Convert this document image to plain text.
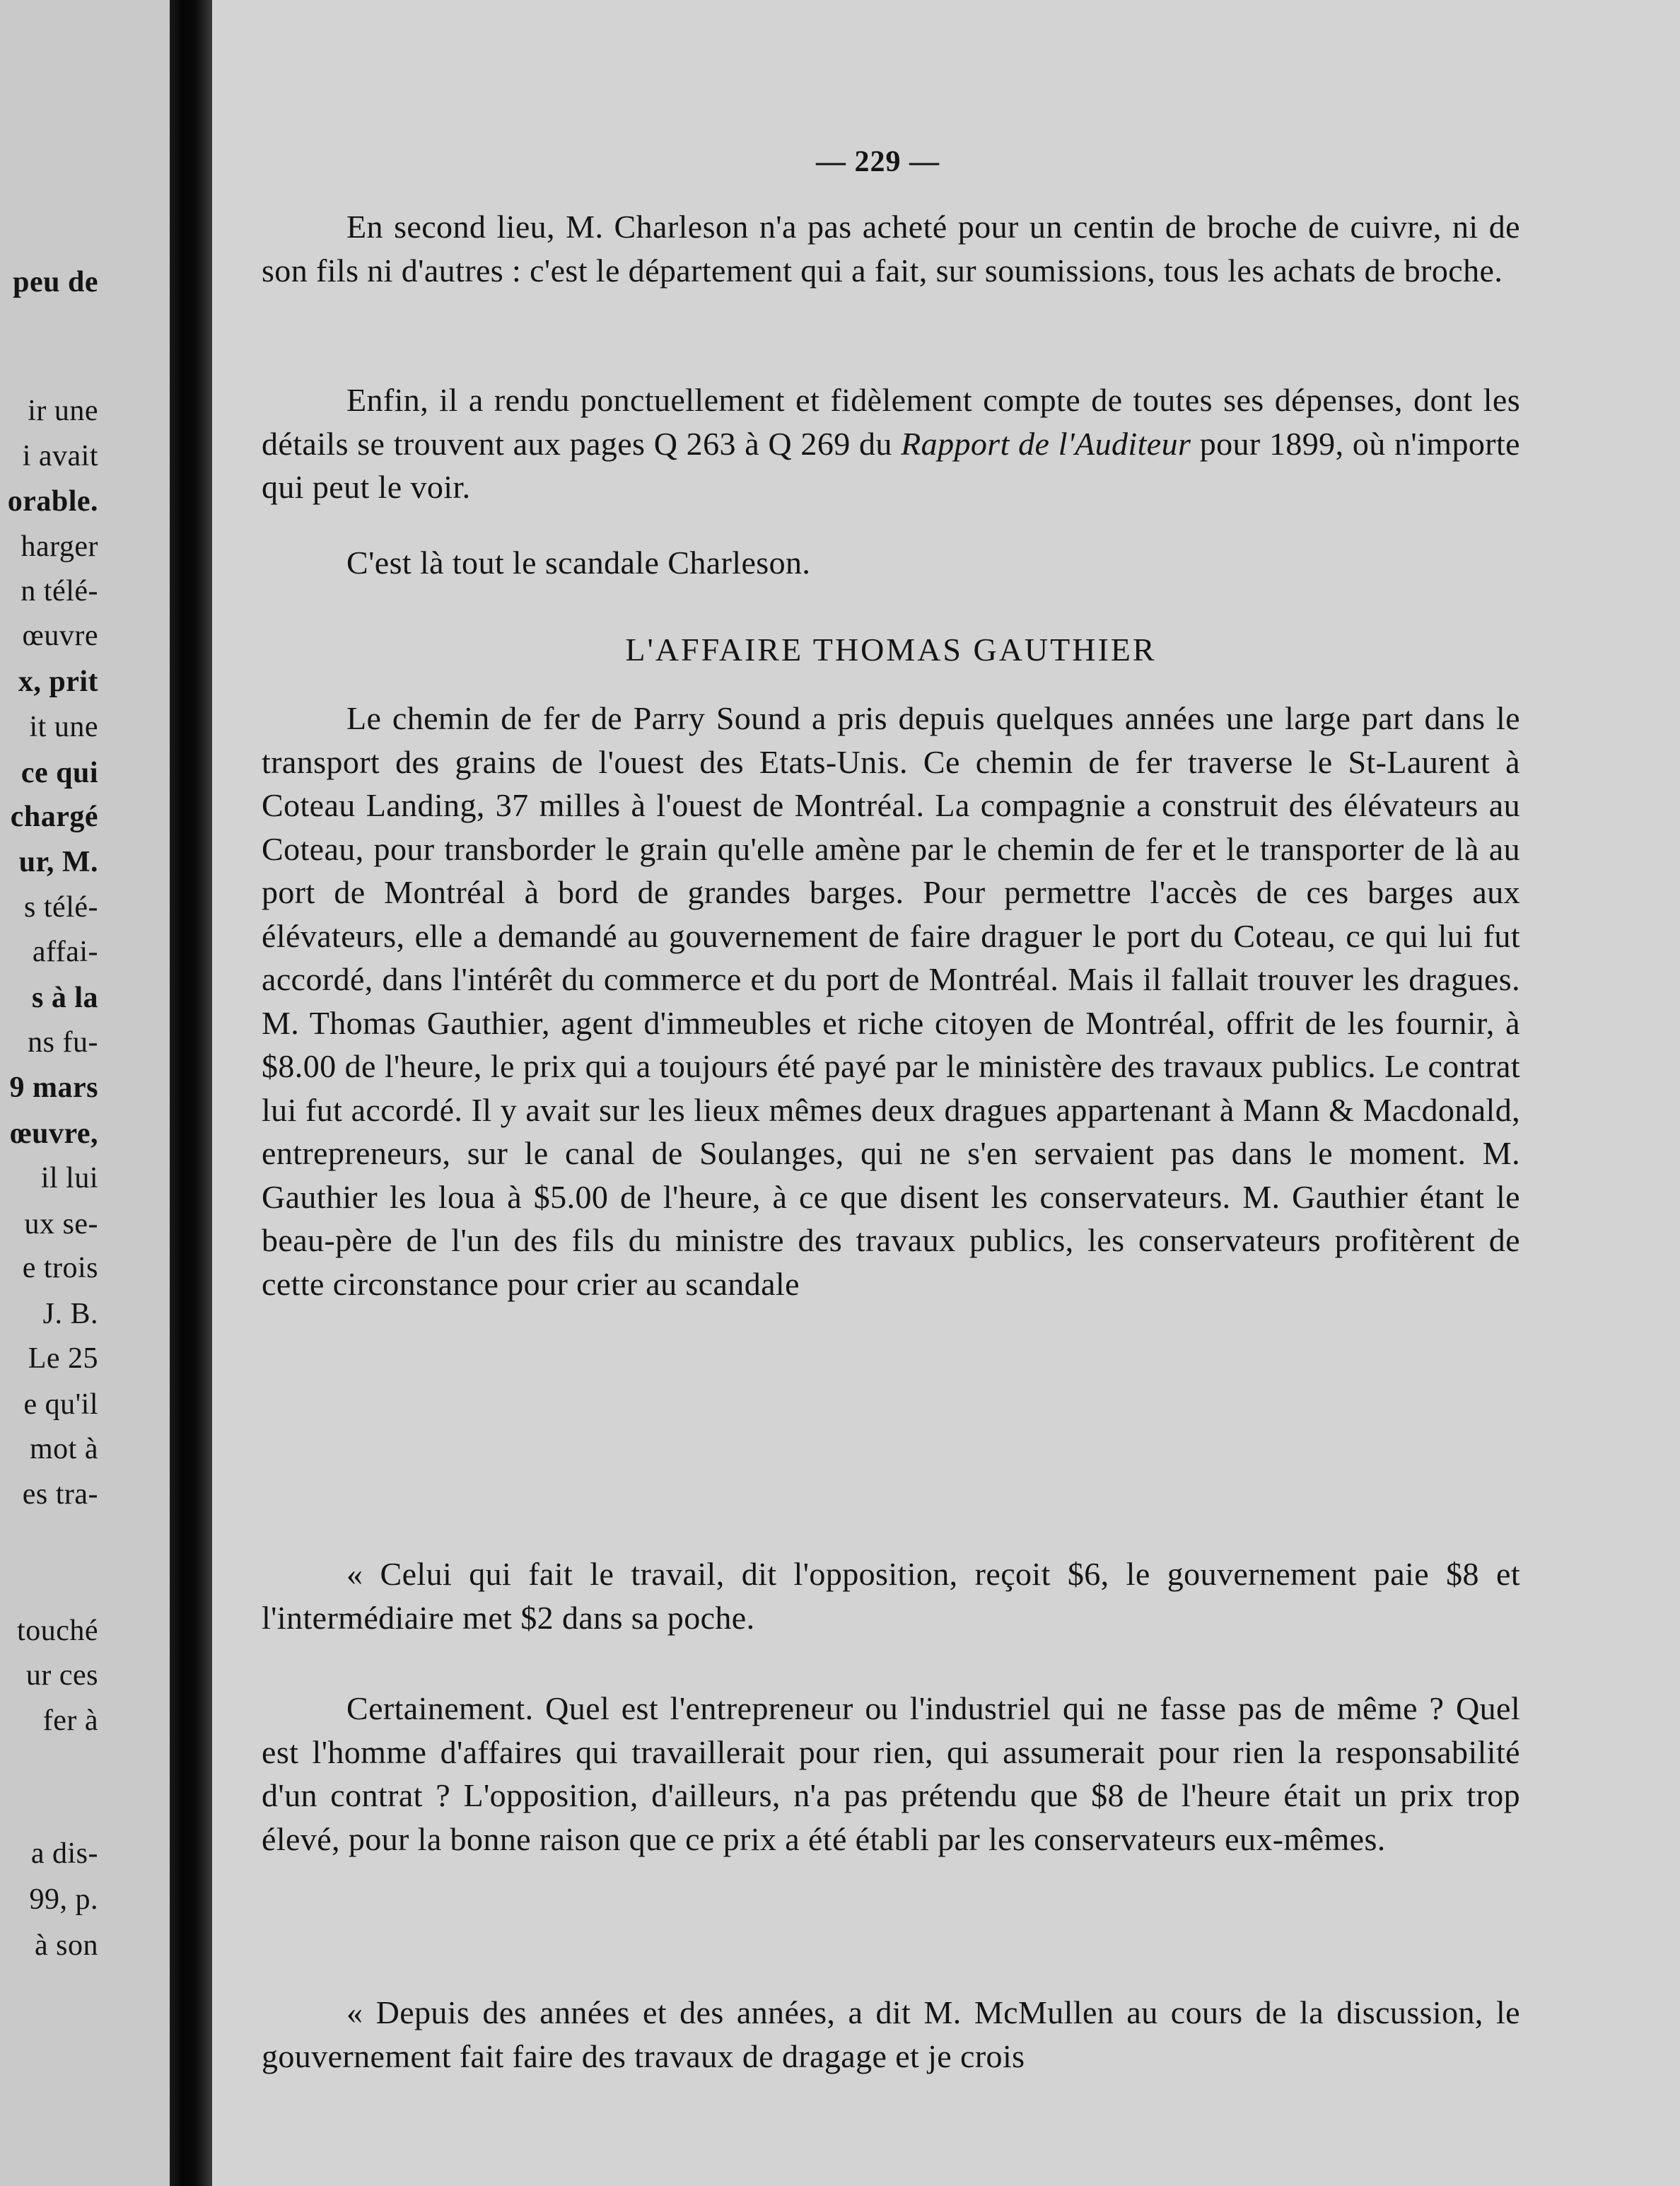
peu de
ir une
i avait
orable.
harger
n télé-
œuvre
x, prit
it une
ce qui
chargé
ur, M.
s télé-
affai-
s à la
ns fu-
9 mars
œuvre,
il lui
ux se-
e trois
J. B.
Le 25
e qu'il
mot à
es tra-
touché
ur ces
fer à
a dis-
99, p.
à son
— 229 —

En second lieu, M. Charleson n'a pas acheté pour un centin de broche de cuivre, ni de son fils ni d'autres : c'est le département qui a fait, sur soumissions, tous les achats de broche.

Enfin, il a rendu ponctuellement et fidèlement compte de toutes ses dépenses, dont les détails se trouvent aux pages Q 263 à Q 269 du Rapport de l'Auditeur pour 1899, où n'importe qui peut le voir.

C'est là tout le scandale Charleson.

L'AFFAIRE THOMAS GAUTHIER

Le chemin de fer de Parry Sound a pris depuis quelques années une large part dans le transport des grains de l'ouest des Etats-Unis. Ce chemin de fer traverse le St-Laurent à Coteau Landing, 37 milles à l'ouest de Montréal. La compagnie a construit des élévateurs au Coteau, pour transborder le grain qu'elle amène par le chemin de fer et le transporter de là au port de Montréal à bord de grandes barges. Pour permettre l'accès de ces barges aux élévateurs, elle a demandé au gouvernement de faire draguer le port du Coteau, ce qui lui fut accordé, dans l'intérêt du commerce et du port de Montréal. Mais il fallait trouver les dragues. M. Thomas Gauthier, agent d'immeubles et riche citoyen de Montréal, offrit de les fournir, à $8.00 de l'heure, le prix qui a toujours été payé par le ministère des travaux publics. Le contrat lui fut accordé. Il y avait sur les lieux mêmes deux dragues appartenant à Mann & Macdonald, entrepreneurs, sur le canal de Soulanges, qui ne s'en servaient pas dans le moment. M. Gauthier les loua à $5.00 de l'heure, à ce que disent les conservateurs. M. Gauthier étant le beau-père de l'un des fils du ministre des travaux publics, les conservateurs profitèrent de cette circonstance pour crier au scandale

« Celui qui fait le travail, dit l'opposition, reçoit $6, le gouvernement paie $8 et l'intermédiaire met $2 dans sa poche.

Certainement. Quel est l'entrepreneur ou l'industriel qui ne fasse pas de même ? Quel est l'homme d'affaires qui travaillerait pour rien, qui assumerait pour rien la responsabilité d'un contrat ? L'opposition, d'ailleurs, n'a pas prétendu que $8 de l'heure était un prix trop élevé, pour la bonne raison que ce prix a été établi par les conservateurs eux-mêmes.

« Depuis des années et des années, a dit M. McMullen au cours de la discussion, le gouvernement fait faire des travaux de dragage et je crois
